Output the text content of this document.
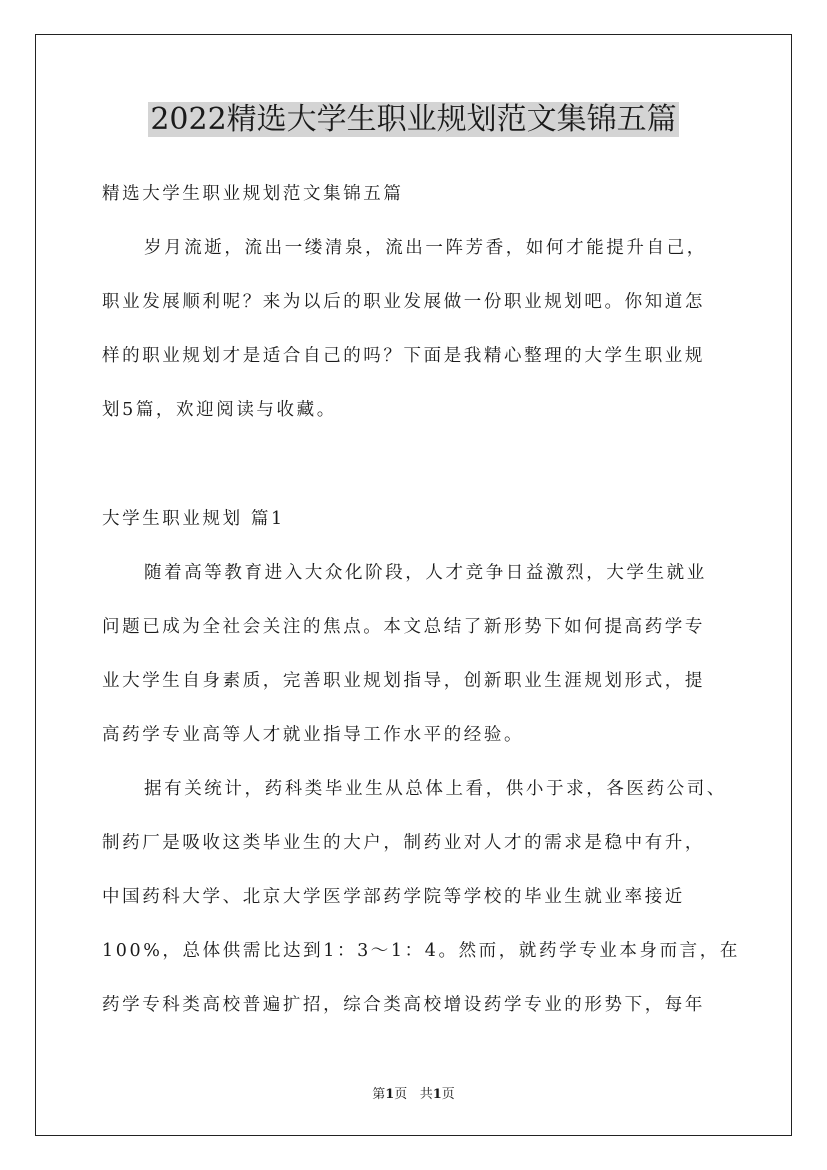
2022精选大学生职业规划范文集锦五篇
精选大学生职业规划范文集锦五篇
岁月流逝，流出一缕清泉，流出一阵芳香，如何才能提升自己，
职业发展顺利呢？来为以后的职业发展做一份职业规划吧。你知道怎
样的职业规划才是适合自己的吗？下面是我精心整理的大学生职业规
划5篇，欢迎阅读与收藏。
大学生职业规划 篇1
随着高等教育进入大众化阶段，人才竞争日益激烈，大学生就业
问题已成为全社会关注的焦点。本文总结了新形势下如何提高药学专
业大学生自身素质，完善职业规划指导，创新职业生涯规划形式，提
高药学专业高等人才就业指导工作水平的经验。
据有关统计，药科类毕业生从总体上看，供小于求，各医药公司、
制药厂是吸收这类毕业生的大户，制药业对人才的需求是稳中有升，
中国药科大学、北京大学医学部药学院等学校的毕业生就业率接近
100%，总体供需比达到1：3～1：4。然而，就药学专业本身而言，在
药学专科类高校普遍扩招，综合类高校增设药学专业的形势下，每年
第1页 共1页
